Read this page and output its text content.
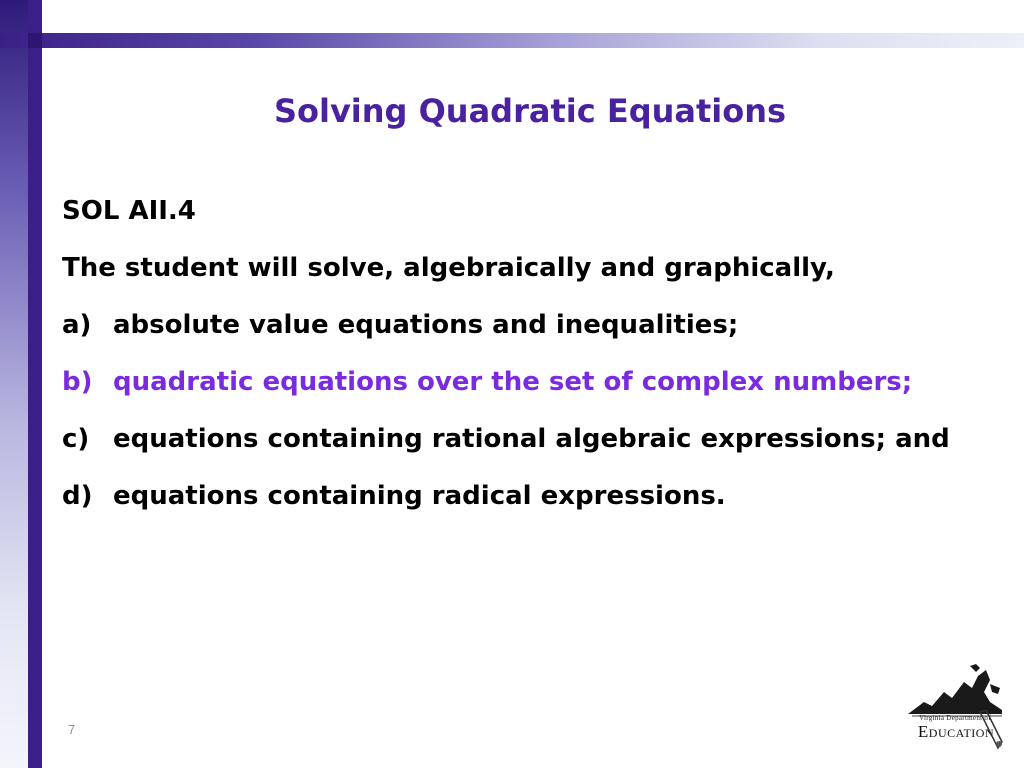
Solving Quadratic Equations
SOL AII.4
The student will solve, algebraically and graphically,
a) absolute value equations and inequalities;
b) quadratic equations over the set of complex numbers;
c) equations containing rational algebraic expressions; and
d) equations containing radical expressions.
7
Virginia Department of
Education
